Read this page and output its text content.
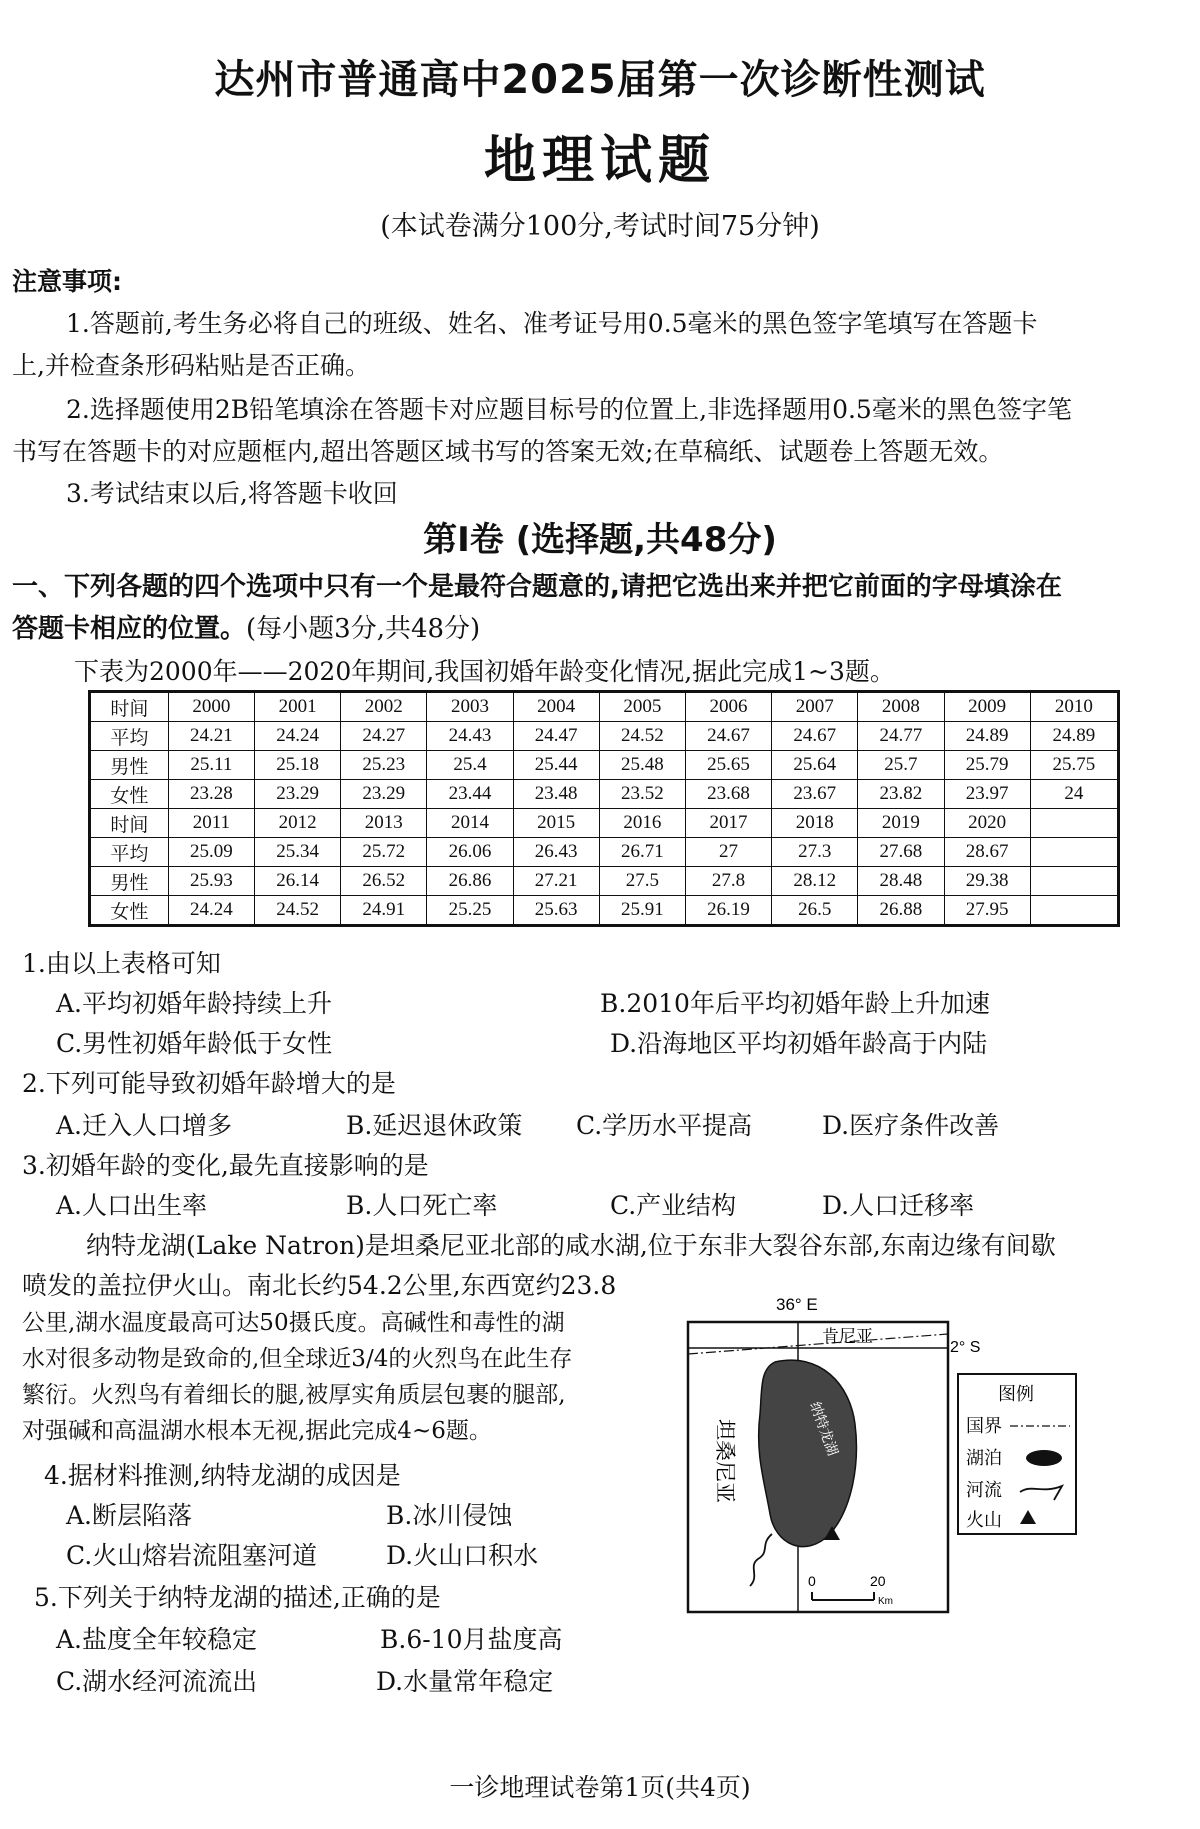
达州市普通高中2025届第一次诊断性测试
地理试题
(本试卷满分100分,考试时间75分钟)
注意事项:
1.答题前,考生务必将自己的班级、姓名、准考证号用0.5毫米的黑色签字笔填写在答题卡
上,并检查条形码粘贴是否正确。
2.选择题使用2B铅笔填涂在答题卡对应题目标号的位置上,非选择题用0.5毫米的黑色签字笔
书写在答题卡的对应题框内,超出答题区域书写的答案无效;在草稿纸、试题卷上答题无效。
3.考试结束以后,将答题卡收回
第Ⅰ卷 (选择题,共48分)
一、下列各题的四个选项中只有一个是最符合题意的,请把它选出来并把它前面的字母填涂在
答题卡相应的位置。(每小题3分,共48分)
下表为2000年——2020年期间,我国初婚年龄变化情况,据此完成1~3题。
时间	2000	2001	2002	2003	2004	2005	2006	2007	2008	2009	2010
平均	24.21	24.24	24.27	24.43	24.47	24.52	24.67	24.67	24.77	24.89	24.89
男性	25.11	25.18	25.23	25.4	25.44	25.48	25.65	25.64	25.7	25.79	25.75
女性	23.28	23.29	23.29	23.44	23.48	23.52	23.68	23.67	23.82	23.97	24
时间	2011	2012	2013	2014	2015	2016	2017	2018	2019	2020	
平均	25.09	25.34	25.72	26.06	26.43	26.71	27	27.3	27.68	28.67	
男性	25.93	26.14	26.52	26.86	27.21	27.5	27.8	28.12	28.48	29.38	
女性	24.24	24.52	24.91	25.25	25.63	25.91	26.19	26.5	26.88	27.95	
1.由以上表格可知
A.平均初婚年龄持续上升	B.2010年后平均初婚年龄上升加速
C.男性初婚年龄低于女性	D.沿海地区平均初婚年龄高于内陆
2.下列可能导致初婚年龄增大的是
A.迁入人口增多	B.延迟退休政策 C.学历水平提高	D.医疗条件改善
3.初婚年龄的变化,最先直接影响的是
A.人口出生率	B.人口死亡率	C.产业结构	D.人口迁移率
纳特龙湖(Lake Natron)是坦桑尼亚北部的咸水湖,位于东非大裂谷东部,东南边缘有间歇
喷发的盖拉伊火山。南北长约54.2公里,东西宽约23.8
公里,湖水温度最高可达50摄氏度。高碱性和毒性的湖
水对很多动物是致命的,但全球近3/4的火烈鸟在此生存
繁衍。火烈鸟有着细长的腿,被厚实角质层包裹的腿部,
对强碱和高温湖水根本无视,据此完成4~6题。
4.据材料推测,纳特龙湖的成因是
A.断层陷落	B.冰川侵蚀
C.火山熔岩流阻塞河道	D.火山口积水
5.下列关于纳特龙湖的描述,正确的是
A.盐度全年较稳定	B.6-10月盐度高
C.湖水经河流流出	D.水量常年稳定
36° E
2° S
肯尼亚
纳特龙湖
坦桑尼亚
0	20
Km
图例
国界
湖泊
河流
火山
一诊地理试卷第1页(共4页)
